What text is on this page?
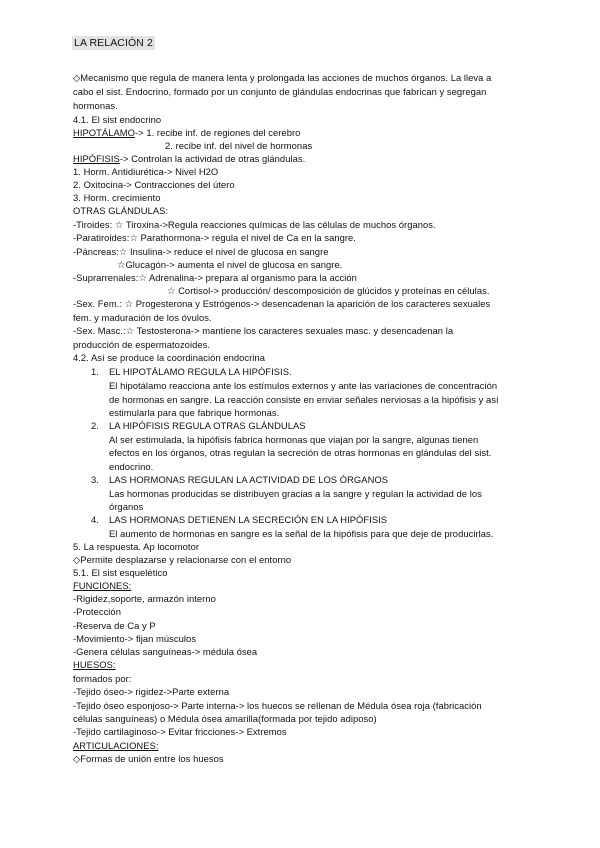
LA RELACIÓN 2
◇Mecanismo que regula de manera lenta y prolongada las acciones de muchos órganos. La lleva a
cabo el sist. Endocrino, formado por un conjunto de glándulas endocrinas que fabrican y segregan
hormonas.
4.1. El sist endocrino
HIPOTÁLAMO-> 1. recibe inf. de regiones del cerebro
2. recibe inf. del nivel de hormonas
HIPÓFISIS-> Controlan la actividad de otras glándulas.
1. Horm. Antidiurética-> Nivel H2O
2. Oxitocina-> Contracciones del útero
3. Horm. crecimiento
OTRAS GLÁNDULAS:
-Tiroides: ☆ Tiroxina->Regula reacciones químicas de las células de muchos órganos.
-Paratiroides:☆ Parathormona-> regula el nivel de Ca en la sangre.
-Páncreas:☆ Insulina-> reduce el nivel de glucosa en sangre
☆Glucagón-> aumenta el nivel de glucosa en sangre.
-Suprarrenales:☆ Adrenalina-> prepara al organismo para la acción
☆ Cortisol-> producción/ descomposición de glúcidos y proteínas en células.
-Sex. Fem.: ☆ Progesterona y Estrógenos-> desencadenan la aparición de los caracteres sexuales
fem. y maduración de los óvulos.
-Sex. Masc.:☆ Testosterona-> mantiene los caracteres sexuales masc. y desencadenan la
producción de espermatozoides.
4.2. Así se produce la coordinación endocrina
1. EL HIPOTÁLAMO REGULA LA HIPÓFISIS.
El hipotálamo reacciona ante los estímulos externos y ante las variaciones de concentración
de hormonas en sangre. La reacción consiste en enviar señales nerviosas a la hipófisis y así
estimularla para que fabrique hormonas.
2. LA HIPÓFISIS REGULA OTRAS GLÁNDULAS
Al ser estimulada, la hipófisis fabrica hormonas que viajan por la sangre, algunas tienen
efectos en los órganos, otras regulan la secreción de otras hormonas en glándulas del sist.
endocrino.
3. LAS HORMONAS REGULAN LA ACTIVIDAD DE LOS ÓRGANOS
Las hormonas producidas se distribuyen gracias a la sangre y regulan la actividad de los
órganos
4. LAS HORMONAS DETIENEN LA SECRECIÓN EN LA HIPÓFISIS
El aumento de hormonas en sangre es la señal de la hipófisis para que deje de producirlas.
5. La respuesta. Ap locomotor
◇Permite desplazarse y relacionarse con el entorno
5.1. El sist esquelético
FUNCIONES:
-Rigidez,soporte, armazón interno
-Protección
-Reserva de Ca y P
-Movimiento-> fijan músculos
-Genera células sanguíneas-> médula ósea
HUESOS:
formados por:
-Tejido óseo-> rigidez->Parte externa
-Tejido óseo esponjoso-> Parte interna-> los huecos se rellenan de Médula ósea roja (fabricación
células sanguíneas) o Médula ósea amarilla(formada por tejido adiposo)
-Tejido cartilaginoso-> Evitar fricciones-> Extremos
ARTICULACIONES:
◇Formas de unión entre los huesos
